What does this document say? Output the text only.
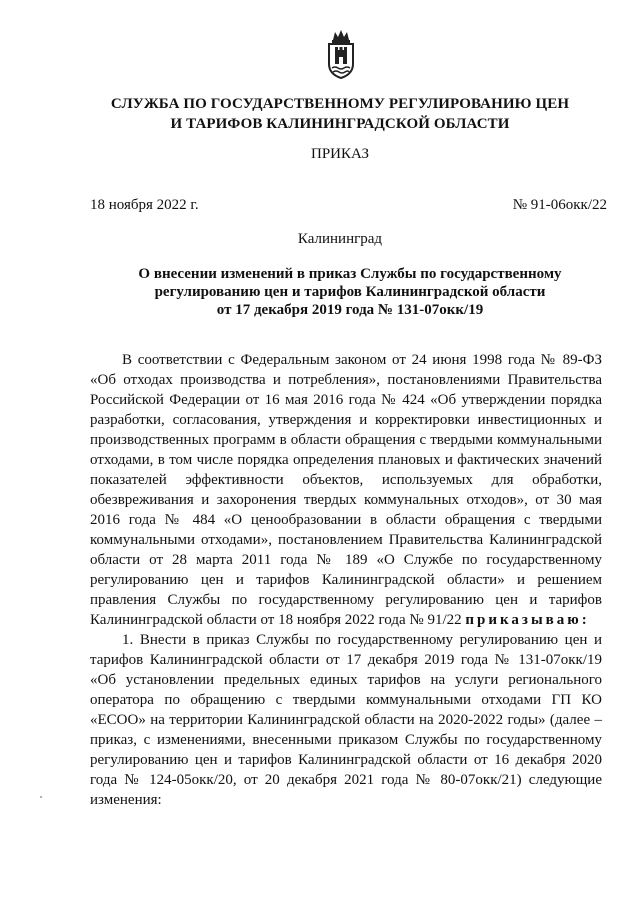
СЛУЖБА ПО ГОСУДАРСТВЕННОМУ РЕГУЛИРОВАНИЮ ЦЕН
И ТАРИФОВ КАЛИНИНГРАДСКОЙ ОБЛАСТИ
ПРИКАЗ
18 ноября 2022 г.	№ 91-06окк/22
Калининград
О внесении изменений в приказ Службы по государственному
регулированию цен и тарифов Калининградской области
от 17 декабря 2019 года № 131-07окк/19

В соответствии с Федеральным законом от 24 июня 1998 года № 89-ФЗ «Об отходах производства и потребления», постановлениями Правительства Российской Федерации от 16 мая 2016 года № 424 «Об утверждении порядка разработки, согласования, утверждения и корректировки инвестиционных и производственных программ в области обращения с твердыми коммунальными отходами, в том числе порядка определения плановых и фактических значений показателей эффективности объектов, используемых для обработки, обезвреживания и захоронения твердых коммунальных отходов», от 30 мая 2016 года № 484 «О ценообразовании в области обращения с твердыми коммунальными отходами», постановлением Правительства Калининградской области от 28 марта 2011 года № 189 «О Службе по государственному регулированию цен и тарифов Калининградской области» и решением правления Службы по государственному регулированию цен и тарифов Калининградской области от 18 ноября 2022 года № 91/22 приказываю:

1. Внести в приказ Службы по государственному регулированию цен и тарифов Калининградской области от 17 декабря 2019 года № 131-07окк/19 «Об установлении предельных единых тарифов на услуги регионального оператора по обращению с твердыми коммунальными отходами ГП КО «ЕСОО» на территории Калининградской области на 2020-2022 годы» (далее – приказ, с изменениями, внесенными приказом Службы по государственному регулированию цен и тарифов Калининградской области от 16 декабря 2020 года № 124-05окк/20, от 20 декабря 2021 года № 80-07окк/21) следующие изменения:
